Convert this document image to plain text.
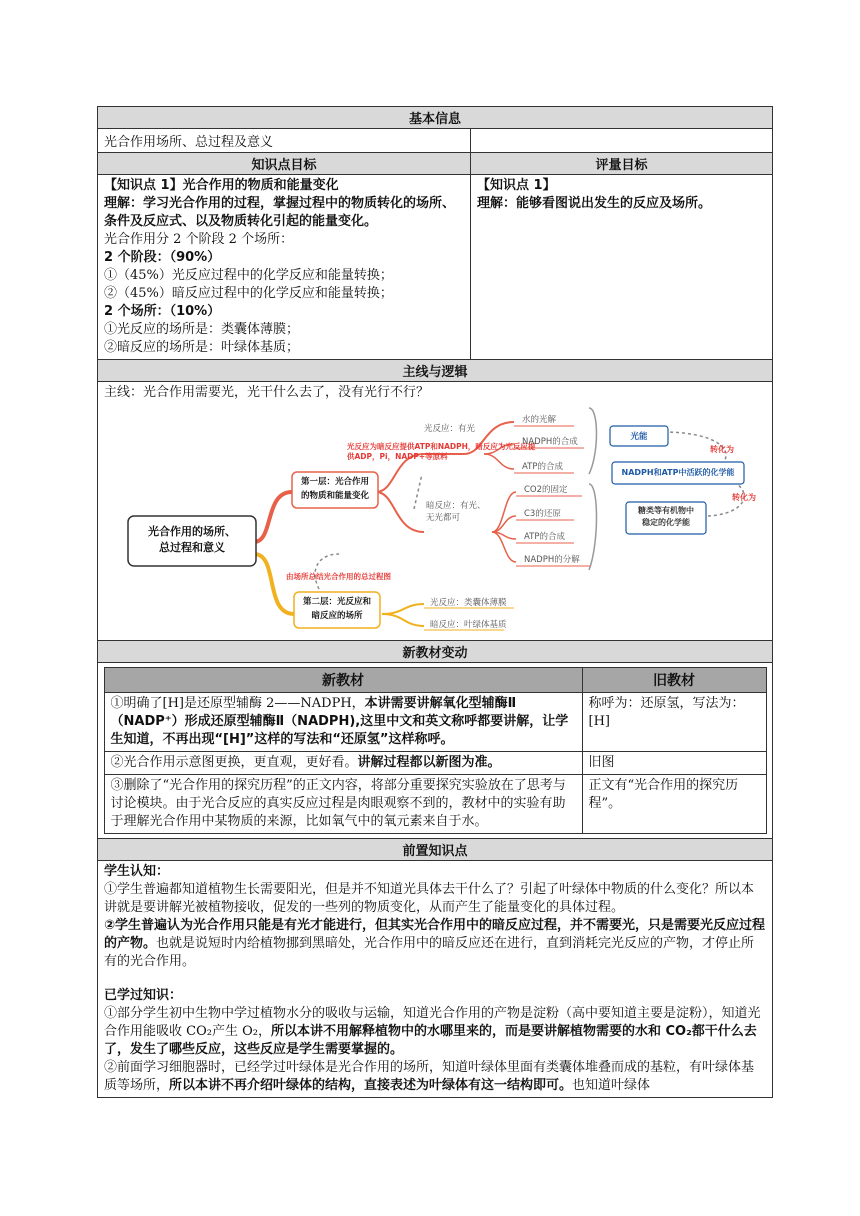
基本信息
光合作用场所、总过程及意义	
知识点目标	评量目标

【知识点 1】光合作用的物质和能量变化
理解：学习光合作用的过程，掌握过程中的物质转化的场所、条件及反应式、以及物质转化引起的能量变化。
光合作用分 2 个阶段 2 个场所：
2 个阶段：（90%）
①（45%）光反应过程中的化学反应和能量转换；
②（45%）暗反应过程中的化学反应和能量转换；
2 个场所：（10%）
①光反应的场所是：类囊体薄膜；
②暗反应的场所是：叶绿体基质；

【知识点 1】
理解：能够看图说出发生的反应及场所。

主线与逻辑

主线：光合作用需要光，光干什么去了，没有光行不行？
光合作用的场所、
总过程和意义
第一层：光合作用
的物质和能量变化
第二层：光反应和
暗反应的场所
光反应：有光
暗反应：有光、
无光都可
光反应为暗反应提供ATP和NADPH，暗反应为光反应提供ADP，Pi，NADP+等原料
由场所总结光合作用的总过程图
水的光解
NADPH的合成
ATP的合成
CO2的固定
C3的还原
ATP的合成
NADPH的分解
光能
NADPH和ATP中活跃的化学能
糖类等有机物中
稳定的化学能
转化为
转化为
光反应：类囊体薄膜
暗反应：叶绿体基质

新教材变动

新教材	旧教材
①明确了[H]是还原型辅酶 2——NADPH，本讲需要讲解氧化型辅酶Ⅱ（NADP⁺）形成还原型辅酶Ⅱ（NADPH),这里中文和英文称呼都要讲解，让学生知道，不再出现“[H]”这样的写法和“还原氢”这样称呼。	称呼为：还原氢，写法为：[H]
②光合作用示意图更换，更直观，更好看。讲解过程都以新图为准。	旧图
③删除了“光合作用的探究历程”的正文内容，将部分重要探究实验放在了思考与讨论模块。由于光合反应的真实反应过程是肉眼观察不到的，教材中的实验有助于理解光合作用中某物质的来源，比如氧气中的氧元素来自于水。	正文有“光合作用的探究历程”。

前置知识点

学生认知：
①学生普遍都知道植物生长需要阳光，但是并不知道光具体去干什么了？引起了叶绿体中物质的什么变化？所以本讲就是要讲解光被植物接收，促发的一些列的物质变化，从而产生了能量变化的具体过程。
②学生普遍认为光合作用只能是有光才能进行，但其实光合作用中的暗反应过程，并不需要光，只是需要光反应过程的产物。也就是说短时内给植物挪到黑暗处，光合作用中的暗反应还在进行，直到消耗完光反应的产物，才停止所有的光合作用。
已学过知识：
①部分学生初中生物中学过植物水分的吸收与运输，知道光合作用的产物是淀粉（高中要知道主要是淀粉），知道光合作用能吸收 CO₂产生 O₂，所以本讲不用解释植物中的水哪里来的，而是要讲解植物需要的水和 CO₂都干什么去了，发生了哪些反应，这些反应是学生需要掌握的。
②前面学习细胞器时，已经学过叶绿体是光合作用的场所，知道叶绿体里面有类囊体堆叠而成的基粒，有叶绿体基质等场所，所以本讲不再介绍叶绿体的结构，直接表述为叶绿体有这一结构即可。也知道叶绿体
